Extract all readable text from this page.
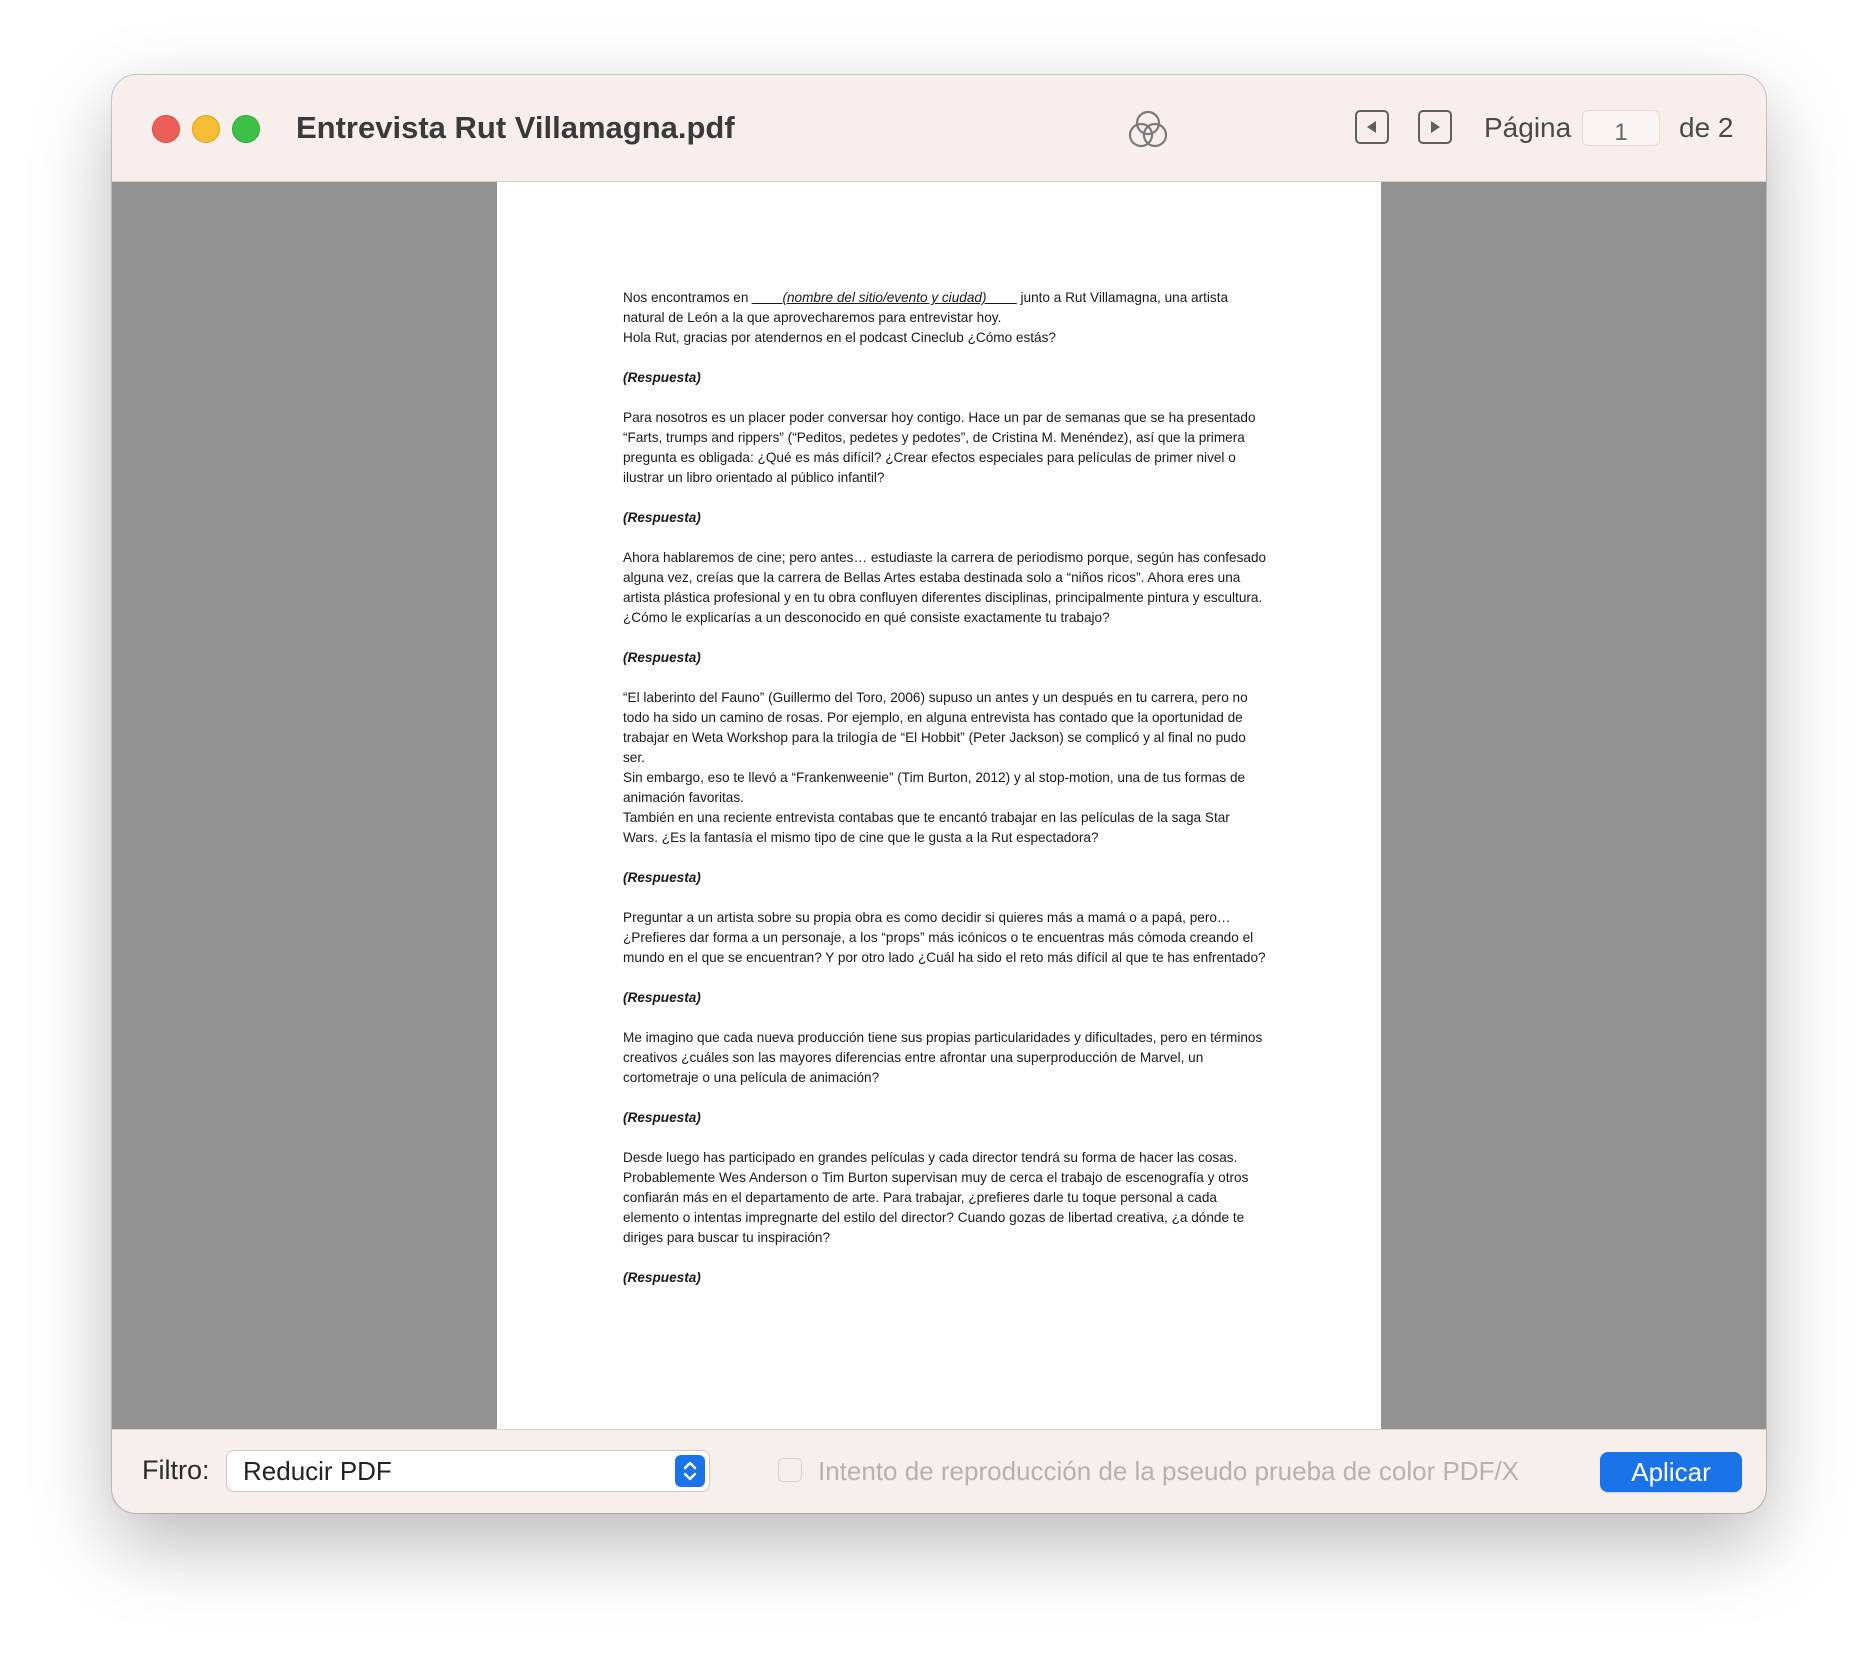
Entrevista Rut Villamagna.pdf	Página	1	de 2

Nos encontramos en ____(nombre del sitio/evento y ciudad)____ junto a Rut Villamagna, una artista natural de León a la que aprovecharemos para entrevistar hoy.
Hola Rut, gracias por atendernos en el podcast Cineclub ¿Cómo estás?

(Respuesta)

Para nosotros es un placer poder conversar hoy contigo. Hace un par de semanas que se ha presentado “Farts, trumps and rippers” (“Peditos, pedetes y pedotes”, de Cristina M. Menéndez), así que la primera pregunta es obligada: ¿Qué es más difícil? ¿Crear efectos especiales para películas de primer nivel o ilustrar un libro orientado al público infantil?

(Respuesta)

Ahora hablaremos de cine; pero antes… estudiaste la carrera de periodismo porque, según has confesado alguna vez, creías que la carrera de Bellas Artes estaba destinada solo a “niños ricos”. Ahora eres una artista plástica profesional y en tu obra confluyen diferentes disciplinas, principalmente pintura y escultura. ¿Cómo le explicarías a un desconocido en qué consiste exactamente tu trabajo?

(Respuesta)

“El laberinto del Fauno” (Guillermo del Toro, 2006) supuso un antes y un después en tu carrera, pero no todo ha sido un camino de rosas. Por ejemplo, en alguna entrevista has contado que la oportunidad de trabajar en Weta Workshop para la trilogía de “El Hobbit” (Peter Jackson) se complicó y al final no pudo ser.
Sin embargo, eso te llevó a “Frankenweenie” (Tim Burton, 2012) y al stop-motion, una de tus formas de animación favoritas.
También en una reciente entrevista contabas que te encantó trabajar en las películas de la saga Star Wars. ¿Es la fantasía el mismo tipo de cine que le gusta a la Rut espectadora?

(Respuesta)

Preguntar a un artista sobre su propia obra es como decidir si quieres más a mamá o a papá, pero… ¿Prefieres dar forma a un personaje, a los “props” más icónicos o te encuentras más cómoda creando el mundo en el que se encuentran? Y por otro lado ¿Cuál ha sido el reto más difícil al que te has enfrentado?

(Respuesta)

Me imagino que cada nueva producción tiene sus propias particularidades y dificultades, pero en términos creativos ¿cuáles son las mayores diferencias entre afrontar una superproducción de Marvel, un cortometraje o una película de animación?

(Respuesta)

Desde luego has participado en grandes películas y cada director tendrá su forma de hacer las cosas. Probablemente Wes Anderson o Tim Burton supervisan muy de cerca el trabajo de escenografía y otros confiarán más en el departamento de arte. Para trabajar, ¿prefieres darle tu toque personal a cada elemento o intentas impregnarte del estilo del director? Cuando gozas de libertad creativa, ¿a dónde te diriges para buscar tu inspiración?

(Respuesta)

Filtro: Reducir PDF	Intento de reproducción de la pseudo prueba de color PDF/X	Aplicar
